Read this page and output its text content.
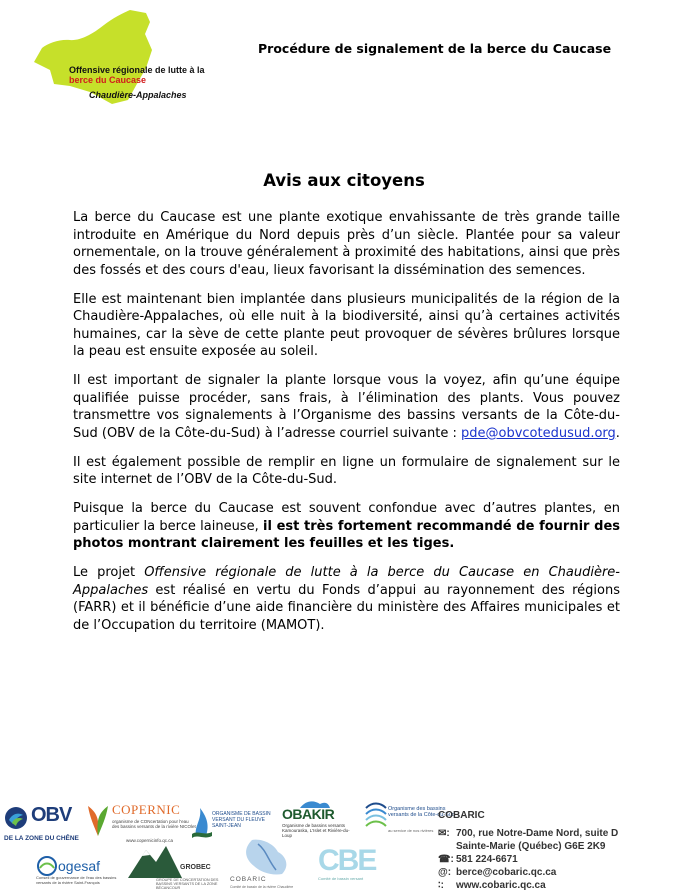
Offensive régionale de lutte à la
berce du Caucase
Chaudière-Appalaches
Procédure de signalement de la berce du Caucase
Avis aux citoyens

La berce du Caucase est une plante exotique envahissante de très grande taille introduite en Amérique du Nord depuis près d’un siècle. Plantée pour sa valeur ornementale, on la trouve généralement à proximité des habitations, ainsi que près des fossés et des cours d'eau, lieux favorisant la dissémination des semences.

Elle est maintenant bien implantée dans plusieurs municipalités de la région de la Chaudière-Appalaches, où elle nuit à la biodiversité, ainsi qu’à certaines activités humaines, car la sève de cette plante peut provoquer de sévères brûlures lorsque la peau est ensuite exposée au soleil.

Il est important de signaler la plante lorsque vous la voyez, afin qu’une équipe qualifiée puisse procéder, sans frais, à l’élimination des plants. Vous pouvez transmettre vos signalements à l’Organisme des bassins versants de la Côte-du-Sud (OBV de la Côte-du-Sud) à l’adresse courriel suivante : pde@obvcotedusud.org.

Il est également possible de remplir en ligne un formulaire de signalement sur le site internet de l’OBV de la Côte-du-Sud.

Puisque la berce du Caucase est souvent confondue avec d’autres plantes, en particulier la berce laineuse, il est très fortement recommandé de fournir des photos montrant clairement les feuilles et les tiges.

Le projet Offensive régionale de lutte à la berce du Caucase en Chaudière-Appalaches est réalisé en vertu du Fonds d’appui au rayonnement des régions (FARR) et il bénéficie d’une aide financière du ministère des Affaires municipales et de l’Occupation du territoire (MAMOT).

OBV
DE LA ZONE DU CHÊNE
COPERNIC
organisme de CONcertation pour l'eau des bassins versants de la rivière NICOlet
www.copernicinfo.qc.ca
ORGANISME DE BASSIN VERSANT DU FLEUVE SAINT-JEAN
OBAKIR
Organisme de bassins versants Kamouraska, L'Islet et Rivière-du-Loup
Organisme des bassins versants de la Côte-du-Sud
au service de nos rivières
ogesaf
Conseil de gouvernance de l'eau des bassins versants de la rivière Saint-François
GROBEC
GROUPE DE CONCERTATION DES BASSINS VERSANTS DE LA ZONE BÉCANCOUR
COBARIC
Comité de bassin de la rivière Chaudière
CBE
Comité de bassin versant
COBARIC
✉: 700, rue Notre-Dame Nord, suite D
Sainte-Marie (Québec) G6E 2K9
☎: 581 224-6671
@: berce@cobaric.qc.ca
∶: www.cobaric.qc.ca
